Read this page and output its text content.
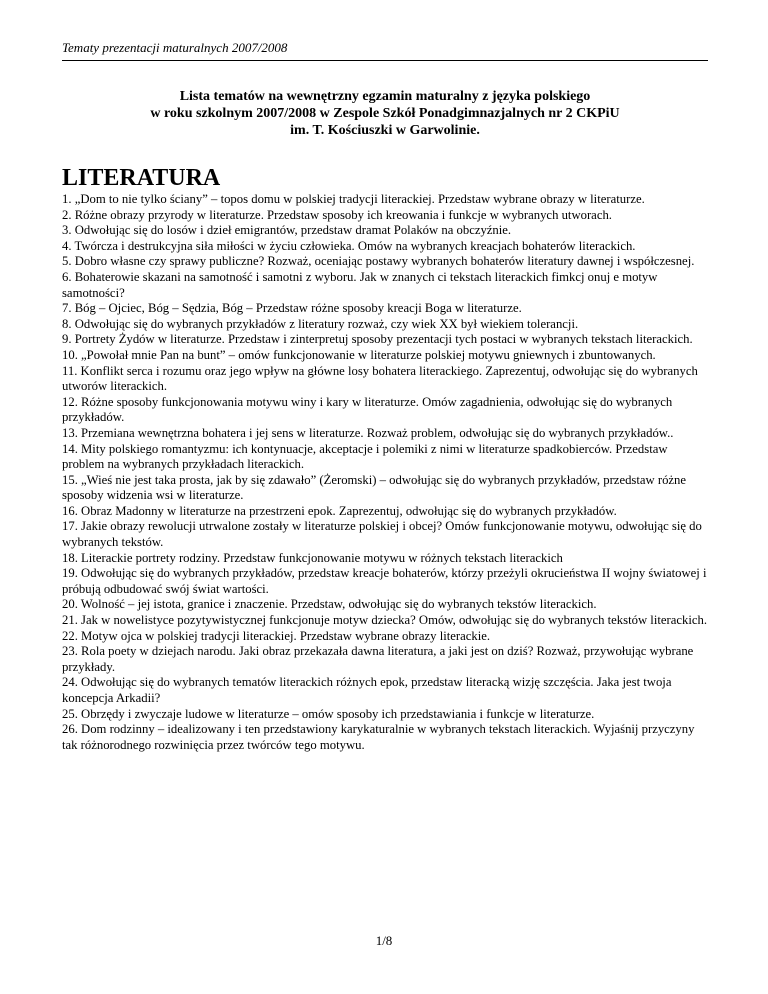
Tematy prezentacji maturalnych 2007/2008
Lista tematów na wewnętrzny egzamin maturalny z języka polskiego
w roku szkolnym 2007/2008 w Zespole Szkół Ponadgimnazjalnych nr 2 CKPiU
im. T. Kościuszki w Garwolinie.
LITERATURA
1. „Dom to nie tylko ściany” – topos domu w polskiej tradycji literackiej. Przedstaw wybrane obrazy w literaturze.
2. Różne obrazy przyrody w literaturze. Przedstaw sposoby ich kreowania i funkcje w wybranych utworach.
3. Odwołując się do losów i dzieł emigrantów, przedstaw dramat Polaków na obczyźnie.
4. Twórcza i destrukcyjna siła miłości w życiu człowieka. Omów na wybranych kreacjach bohaterów literackich.
5. Dobro własne czy sprawy publiczne? Rozważ, oceniając postawy wybranych bohaterów literatury dawnej i współczesnej.
6. Bohaterowie skazani na samotność i samotni z wyboru. Jak w znanych ci tekstach literackich fimkcj onuj e motyw samotności?
7. Bóg – Ojciec, Bóg – Sędzia, Bóg – Przedstaw różne sposoby kreacji Boga w literaturze.
8. Odwołując się do wybranych przykładów z literatury rozważ, czy wiek XX był wiekiem tolerancji.
9. Portrety Żydów w literaturze. Przedstaw i zinterpretuj sposoby prezentacji tych postaci w wybranych tekstach literackich.
10. „Powołał mnie Pan na bunt” – omów funkcjonowanie w literaturze polskiej motywu gniewnych i zbuntowanych.
11. Konflikt serca i rozumu oraz jego wpływ na główne losy bohatera literackiego. Zaprezentuj, odwołując się do wybranych utworów literackich.
12. Różne sposoby funkcjonowania motywu winy i kary w literaturze. Omów zagadnienia, odwołując się do wybranych przykładów.
13. Przemiana wewnętrzna bohatera i jej sens w literaturze. Rozważ problem, odwołując się do wybranych przykładów..
14. Mity polskiego romantyzmu: ich kontynuacje, akceptacje i polemiki z nimi w literaturze spadkobierców. Przedstaw problem na wybranych przykładach literackich.
15. „Wieś nie jest taka prosta, jak by się zdawało” (Żeromski) – odwołując się do wybranych przykładów, przedstaw różne sposoby widzenia wsi w literaturze.
16. Obraz Madonny w literaturze na przestrzeni epok. Zaprezentuj, odwołując się do wybranych przykładów.
17. Jakie obrazy rewolucji utrwalone zostały w literaturze polskiej i obcej? Omów funkcjonowanie motywu, odwołując się do wybranych tekstów.
18. Literackie portrety rodziny. Przedstaw funkcjonowanie motywu w różnych tekstach literackich
19. Odwołując się do wybranych przykładów, przedstaw kreacje bohaterów, którzy przeżyli okrucieństwa II wojny światowej i próbują odbudować swój świat wartości.
20. Wolność – jej istota, granice i znaczenie. Przedstaw, odwołując się do wybranych tekstów literackich.
21. Jak w nowelistyce pozytywistycznej funkcjonuje motyw dziecka? Omów, odwołując się do wybranych tekstów literackich.
22. Motyw ojca w polskiej tradycji literackiej. Przedstaw wybrane obrazy literackie.
23. Rola poety w dziejach narodu. Jaki obraz przekazała dawna literatura, a jaki jest on dziś? Rozważ, przywołując wybrane przykłady.
24. Odwołując się do wybranych tematów literackich różnych epok, przedstaw literacką wizję szczęścia. Jaka jest twoja koncepcja Arkadii?
25. Obrzędy i zwyczaje ludowe w literaturze – omów sposoby ich przedstawiania i funkcje w literaturze.
26. Dom rodzinny – idealizowany i ten przedstawiony karykaturalnie w wybranych tekstach literackich. Wyjaśnij przyczyny tak różnorodnego rozwinięcia przez twórców tego motywu.
1/8
